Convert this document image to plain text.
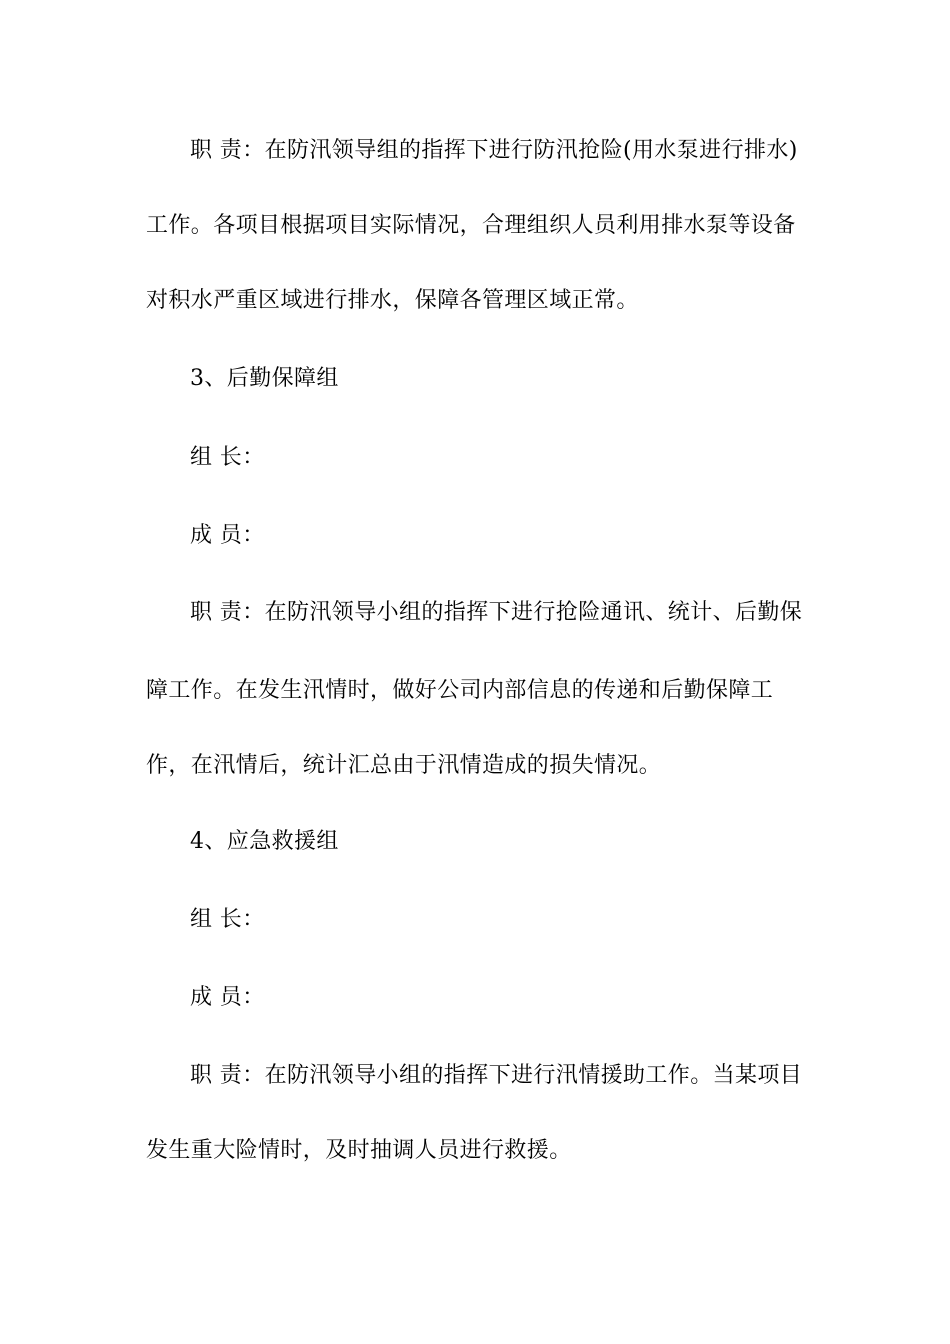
职 责：在防汛领导组的指挥下进行防汛抢险(用水泵进行排水)
工作。各项目根据项目实际情况，合理组织人员利用排水泵等设备
对积水严重区域进行排水，保障各管理区域正常。
3、后勤保障组
组 长：
成 员：
职 责：在防汛领导小组的指挥下进行抢险通讯、统计、后勤保
障工作。在发生汛情时，做好公司内部信息的传递和后勤保障工
作，在汛情后，统计汇总由于汛情造成的损失情况。
4、应急救援组
组 长：
成 员：
职 责：在防汛领导小组的指挥下进行汛情援助工作。当某项目
发生重大险情时，及时抽调人员进行救援。
